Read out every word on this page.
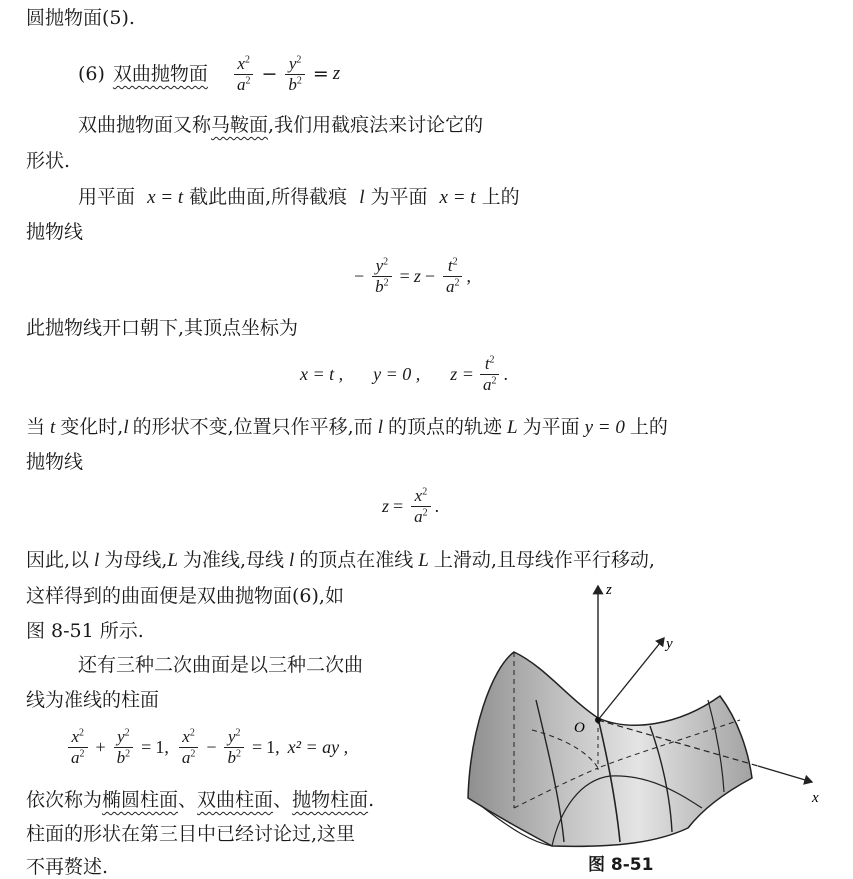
圆抛物面(5).
(6) 双曲抛物面 $\frac{x^2}{a^2} - \frac{y^2}{b^2} = z$
双曲抛物面又称马鞍面,我们用截痕法来讨论它的
形状.
用平面 x = t 截此曲面,所得截痕 l 为平面 x = t 上的
抛物线
− $\frac{y^2}{b^2} = z - \frac{t^2}{a^2}$ ,
此抛物线开口朝下,其顶点坐标为
x = t , y = 0 , $z = \frac{t^2}{a^2}$ .
当 t 变化时,l 的形状不变,位置只作平移,而 l 的顶点的轨迹 L 为平面 y = 0 上的
抛物线
$z = \frac{x^2}{a^2}$ .
因此,以 l 为母线,L 为准线,母线 l 的顶点在准线 L 上滑动,且母线作平行移动,
这样得到的曲面便是双曲抛物面(6),如
图 8-51 所示.
还有三种二次曲面是以三种二次曲
线为准线的柱面
$\frac{x^2}{a^2} + \frac{y^2}{b^2} = 1$ , $\frac{x^2}{a^2} - \frac{y^2}{b^2} = 1$ , x² = ay ,
依次称为椭圆柱面、双曲柱面、抛物柱面.
柱面的形状在第三目中已经讨论过,这里
不再赘述.
z
y
x
O
图 8-51
